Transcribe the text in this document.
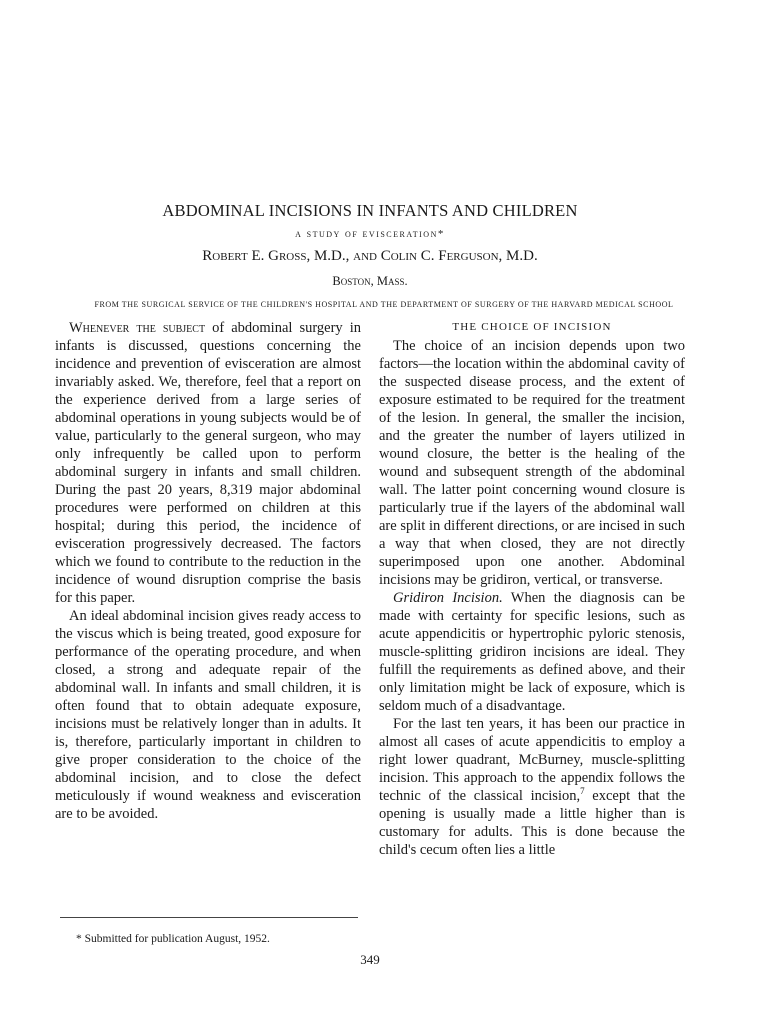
ABDOMINAL INCISIONS IN INFANTS AND CHILDREN
a study of evisceration*
Robert E. Gross, M.D., and Colin C. Ferguson, M.D.
Boston, Mass.
FROM THE SURGICAL SERVICE OF THE CHILDREN'S HOSPITAL AND THE DEPARTMENT OF SURGERY OF THE HARVARD MEDICAL SCHOOL

Whenever the subject of abdominal surgery in infants is discussed, questions concerning the incidence and prevention of evisceration are almost invariably asked. We, therefore, feel that a report on the experience derived from a large series of abdominal operations in young subjects would be of value, particularly to the general surgeon, who may only infrequently be called upon to perform abdominal surgery in infants and small children. During the past 20 years, 8,319 major abdominal procedures were performed on children at this hospital; during this period, the incidence of evisceration progressively decreased. The factors which we found to contribute to the reduction in the incidence of wound disruption comprise the basis for this paper.

An ideal abdominal incision gives ready access to the viscus which is being treated, good exposure for performance of the operating procedure, and when closed, a strong and adequate repair of the abdominal wall. In infants and small children, it is often found that to obtain adequate exposure, incisions must be relatively longer than in adults. It is, therefore, particularly important in children to give proper consideration to the choice of the abdominal incision, and to close the defect meticulously if wound weakness and evisceration are to be avoided.

THE CHOICE OF INCISION

The choice of an incision depends upon two factors—the location within the abdominal cavity of the suspected disease process, and the extent of exposure estimated to be required for the treatment of the lesion. In general, the smaller the incision, and the greater the number of layers utilized in wound closure, the better is the healing of the wound and subsequent strength of the abdominal wall. The latter point concerning wound closure is particularly true if the layers of the abdominal wall are split in different directions, or are incised in such a way that when closed, they are not directly superimposed upon one another. Abdominal incisions may be gridiron, vertical, or transverse.

Gridiron Incision. When the diagnosis can be made with certainty for specific lesions, such as acute appendicitis or hypertrophic pyloric stenosis, muscle-splitting gridiron incisions are ideal. They fulfill the requirements as defined above, and their only limitation might be lack of exposure, which is seldom much of a disadvantage.

For the last ten years, it has been our practice in almost all cases of acute appendicitis to employ a right lower quadrant, McBurney, muscle-splitting incision. This approach to the appendix follows the technic of the classical incision,$^7$ except that the opening is usually made a little higher than is customary for adults. This is done because the child's cecum often lies a little

* Submitted for publication August, 1952.
349
